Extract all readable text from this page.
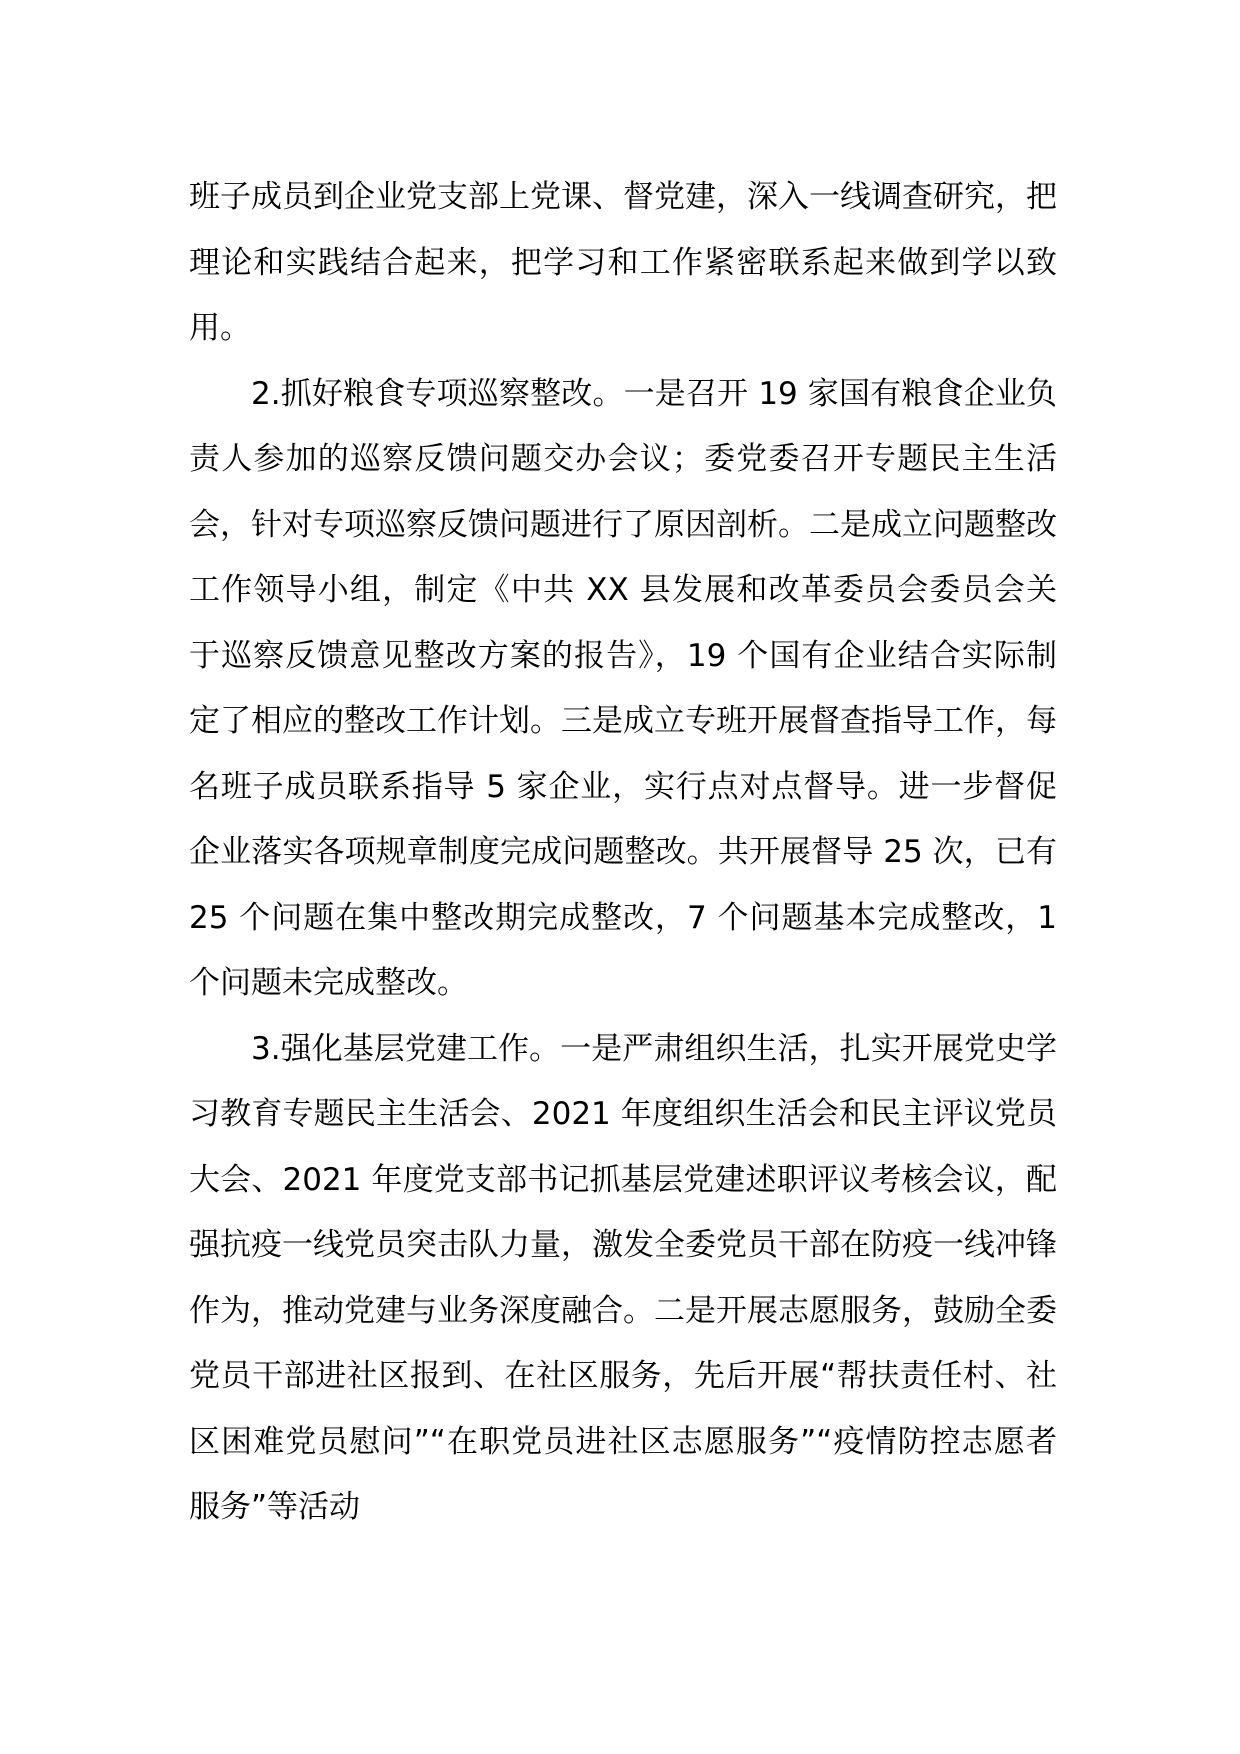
班子成员到企业党支部上党课、督党建，深入一线调查研究，把理论和实践结合起来，把学习和工作紧密联系起来做到学以致用。

2.抓好粮食专项巡察整改。一是召开 19 家国有粮食企业负责人参加的巡察反馈问题交办会议；委党委召开专题民主生活会，针对专项巡察反馈问题进行了原因剖析。二是成立问题整改工作领导小组，制定《中共 XX 县发展和改革委员会委员会关于巡察反馈意见整改方案的报告》，19 个国有企业结合实际制定了相应的整改工作计划。三是成立专班开展督查指导工作，每名班子成员联系指导 5 家企业，实行点对点督导。进一步督促企业落实各项规章制度完成问题整改。共开展督导 25 次，已有 25 个问题在集中整改期完成整改，7 个问题基本完成整改，1 个问题未完成整改。

3.强化基层党建工作。一是严肃组织生活，扎实开展党史学习教育专题民主生活会、2021 年度组织生活会和民主评议党员大会、2021 年度党支部书记抓基层党建述职评议考核会议，配强抗疫一线党员突击队力量，激发全委党员干部在防疫一线冲锋作为，推动党建与业务深度融合。二是开展志愿服务，鼓励全委党员干部进社区报到、在社区服务，先后开展“帮扶责任村、社区困难党员慰问”“在职党员进社区志愿服务”“疫情防控志愿者服务”等活动
